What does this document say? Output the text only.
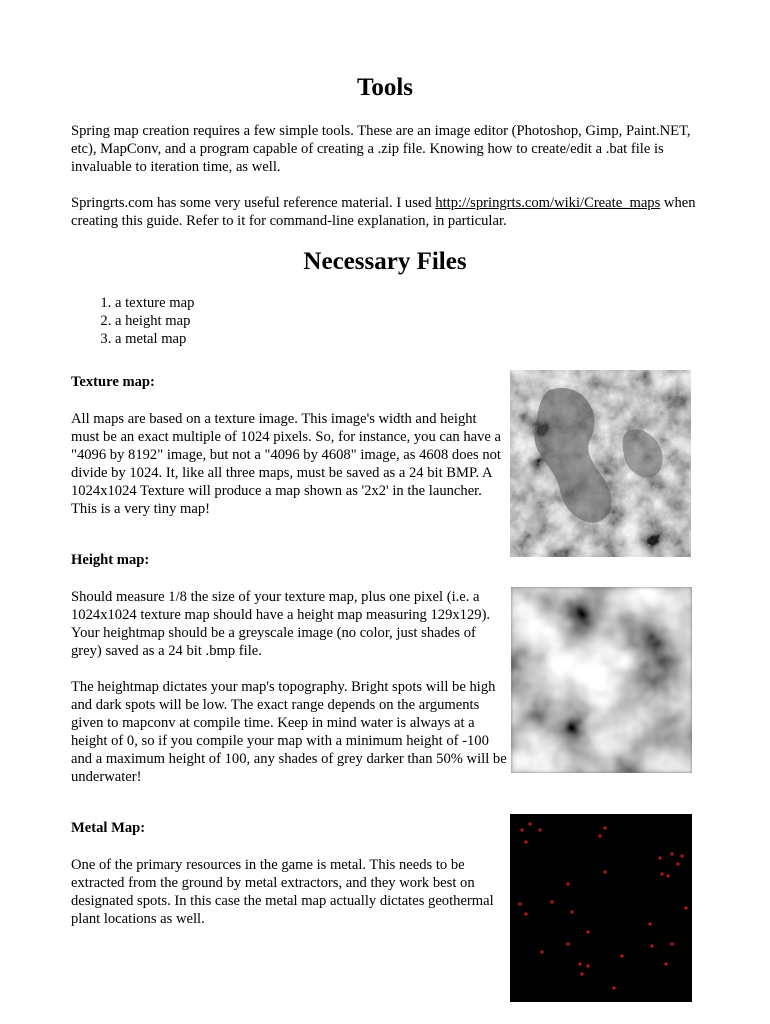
Tools
Spring map creation requires a few simple tools. These are an image editor (Photoshop, Gimp, Paint.NET, etc), MapConv, and a program capable of creating a .zip file. Knowing how to create/edit a .bat file is invaluable to iteration time, as well.
Springrts.com has some very useful reference material. I used http://springrts.com/wiki/Create_maps when creating this guide. Refer to it for command-line explanation, in particular.
Necessary Files
1. a texture map
2. a height map
3. a metal map
Texture map:
All maps are based on a texture image. This image's width and height must be an exact multiple of 1024 pixels. So, for instance, you can have a "4096 by 8192" image, but not a "4096 by 4608" image, as 4608 does not divide by 1024. It, like all three maps, must be saved as a 24 bit BMP. A 1024x1024 Texture will produce a map shown as '2x2' in the launcher. This is a very tiny map!
Height map:
Should measure 1/8 the size of your texture map, plus one pixel (i.e. a 1024x1024 texture map should have a height map measuring 129x129). Your heightmap should be a greyscale image (no color, just shades of grey) saved as a 24 bit .bmp file.
The heightmap dictates your map's topography. Bright spots will be high and dark spots will be low. The exact range depends on the arguments given to mapconv at compile time. Keep in mind water is always at a height of 0, so if you compile your map with a minimum height of -100 and a maximum height of 100, any shades of grey darker than 50% will be underwater!
Metal Map:
One of the primary resources in the game is metal. This needs to be extracted from the ground by metal extractors, and they work best on designated spots. In this case the metal map actually dictates geothermal plant locations as well.
